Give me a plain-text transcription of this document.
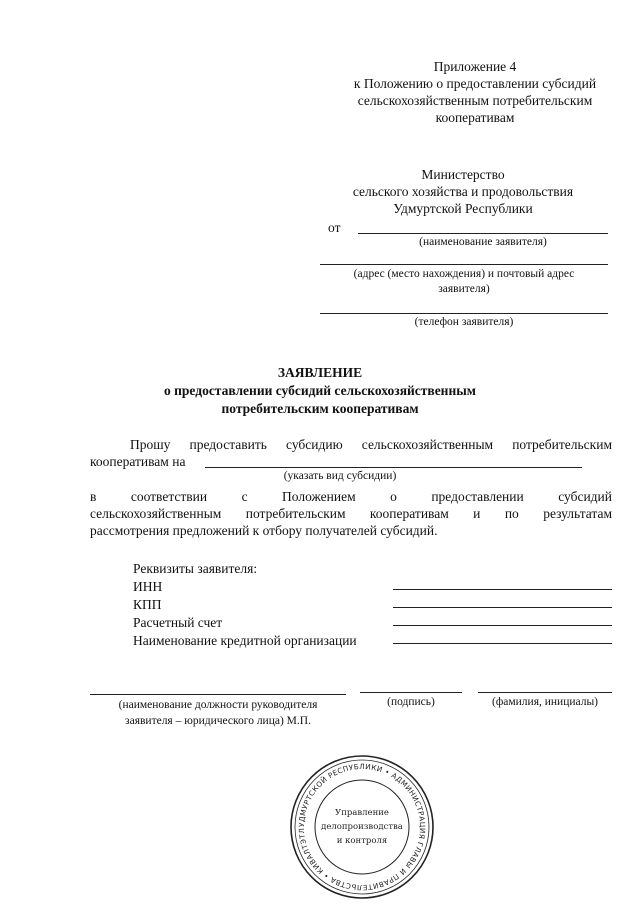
Приложение 4
к Положению о предоставлении субсидий
сельскохозяйственным потребительским
кооперативам
Министерство
сельского хозяйства и продовольствия
Удмуртской Республики
от
(наименование заявителя)
(адрес (место нахождения) и почтовый адрес
заявителя)
(телефон заявителя)
ЗАЯВЛЕНИЕ
о предоставлении субсидий сельскохозяйственным
потребительским кооперативам
Прошу предоставить субсидию сельскохозяйственным потребительским
кооперативам на
(указать вид субсидии)
в соответствии с Положением о предоставлении субсидий
сельскохозяйственным потребительским кооперативам и по результатам
рассмотрения предложений к отбору получателей субсидий.
Реквизиты заявителя:
ИНН
КПП
Расчетный счет
Наименование кредитной организации
(наименование должности руководителя
заявителя – юридического лица) М.П.
(подпись)	(фамилия, инициалы)
УДМУРТСКОЙ РЕСПУБЛИКИ • АДМИНИСТРАЦИЯ ГЛАВЫ И ПРАВИТЕЛЬСТВА • КИВАЛТЭТЛ
Управление
делопроизводства
и контроля
